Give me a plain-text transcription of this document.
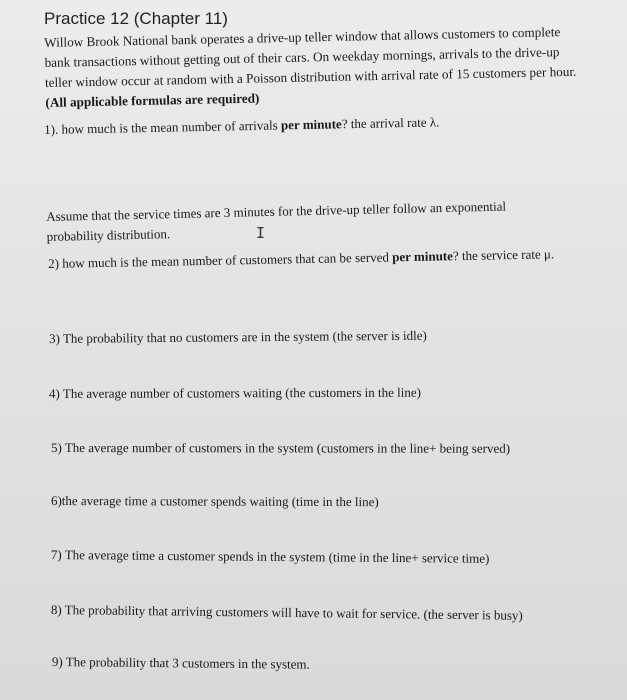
Practice 12 (Chapter 11)
Willow Brook National bank operates a drive-up teller window that allows customers to complete bank transactions without getting out of their cars. On weekday mornings, arrivals to the drive-up teller window occur at random with a Poisson distribution with arrival rate of 15 customers per hour. (All applicable formulas are required)
1). how much is the mean number of arrivals per minute? the arrival rate λ.
Assume that the service times are 3 minutes for the drive-up teller follow an exponential probability distribution.	I
2) how much is the mean number of customers that can be served per minute? the service rate μ.
3) The probability that no customers are in the system (the server is idle)
4) The average number of customers waiting (the customers in the line)
5) The average number of customers in the system (customers in the line+ being served)
6)the average time a customer spends waiting (time in the line)
7) The average time a customer spends in the system (time in the line+ service time)
8) The probability that arriving customers will have to wait for service. (the server is busy)
9) The probability that 3 customers in the system.
